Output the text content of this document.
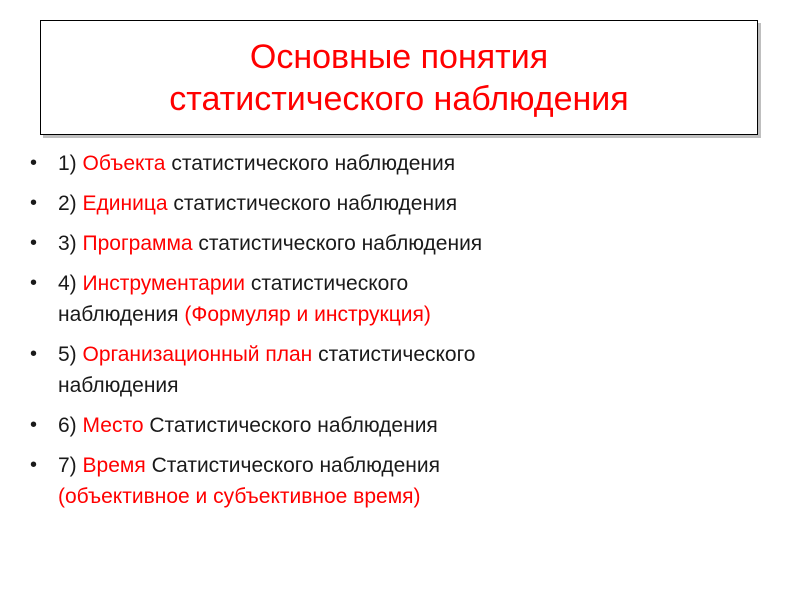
Основные понятия
статистического наблюдения
• 1) Объекта статистического наблюдения
• 2) Единица статистического наблюдения
• 3) Программа статистического наблюдения
• 4) Инструментарии статистического
наблюдения (Формуляр и инструкция)
• 5) Организационный план статистического
наблюдения
• 6) Место Статистического наблюдения
• 7) Время Статистического наблюдения
(объективное и субъективное время)
